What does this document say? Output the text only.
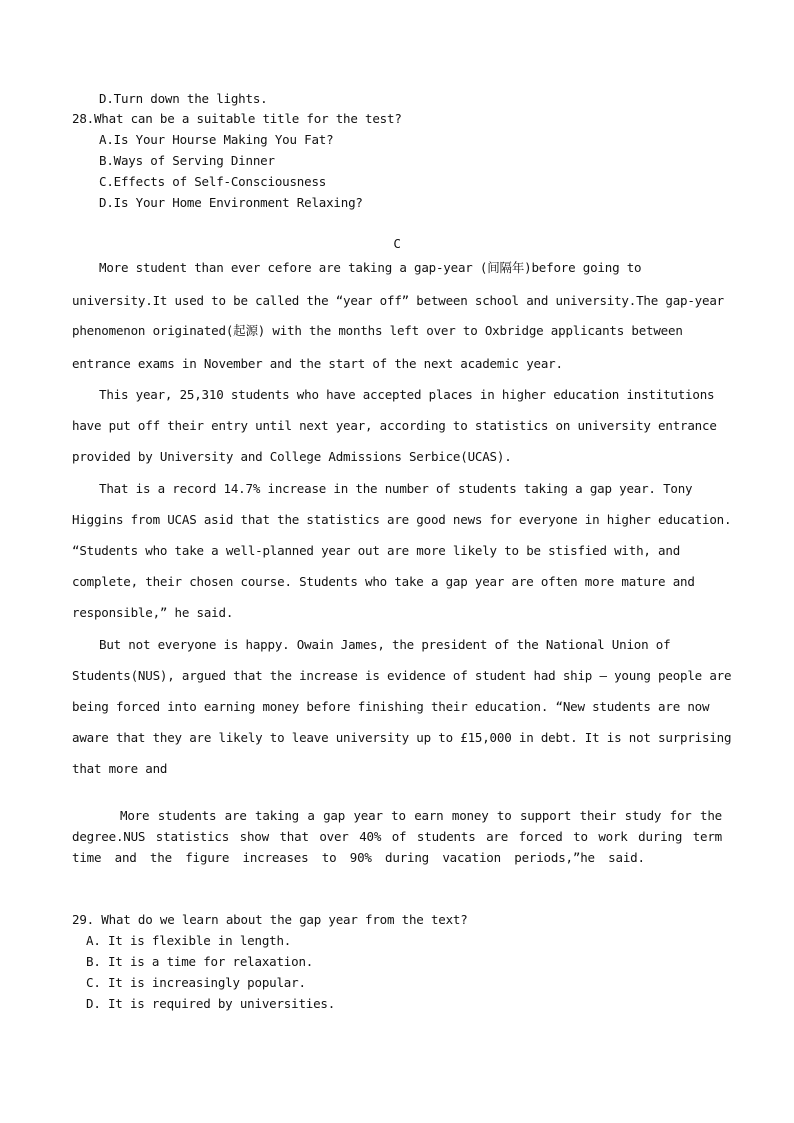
D.Turn down the lights.
28.What can be a suitable title for the test?
A.Is Your Hourse Making You Fat?
B.Ways of Serving Dinner
C.Effects of Self-Consciousness
D.Is Your Home Environment Relaxing?
C
More student than ever cefore are taking a gap-year (间隔年)before going to
university.It used to be called the “year off” between school and university.The gap-year
phenomenon originated(起源) with the months left over to Oxbridge applicants between
entrance exams in November and the start of the next academic year.
This year, 25,310 students who have accepted places in higher education institutions
have put off their entry until next year, according to statistics on university entrance
provided by University and College Admissions Serbice(UCAS).
That is a record 14.7% increase in the number of students taking a gap year. Tony
Higgins from UCAS asid that the statistics are good news for everyone in higher education.
“Students who take a well-planned year out are more likely to be stisfied with, and
complete, their chosen course. Students who take a gap year are often more mature and
responsible,” he said.
But not everyone is happy. Owain James, the president of the National Union of
Students(NUS), argued that the increase is evidence of student had ship – young people are
being forced into earning money before finishing their education. “New students are now
aware that they are likely to leave university up to £15,000 in debt. It is not surprising
that more and
More students are taking a gap year to earn money to support their study for the
degree.NUS statistics show that over 40% of students are forced to work during term
time and the figure increases to 90% during vacation periods,”he said.
29. What do we learn about the gap year from the text?
A. It is flexible in length.
B. It is a time for relaxation.
C. It is increasingly popular.
D. It is required by universities.
